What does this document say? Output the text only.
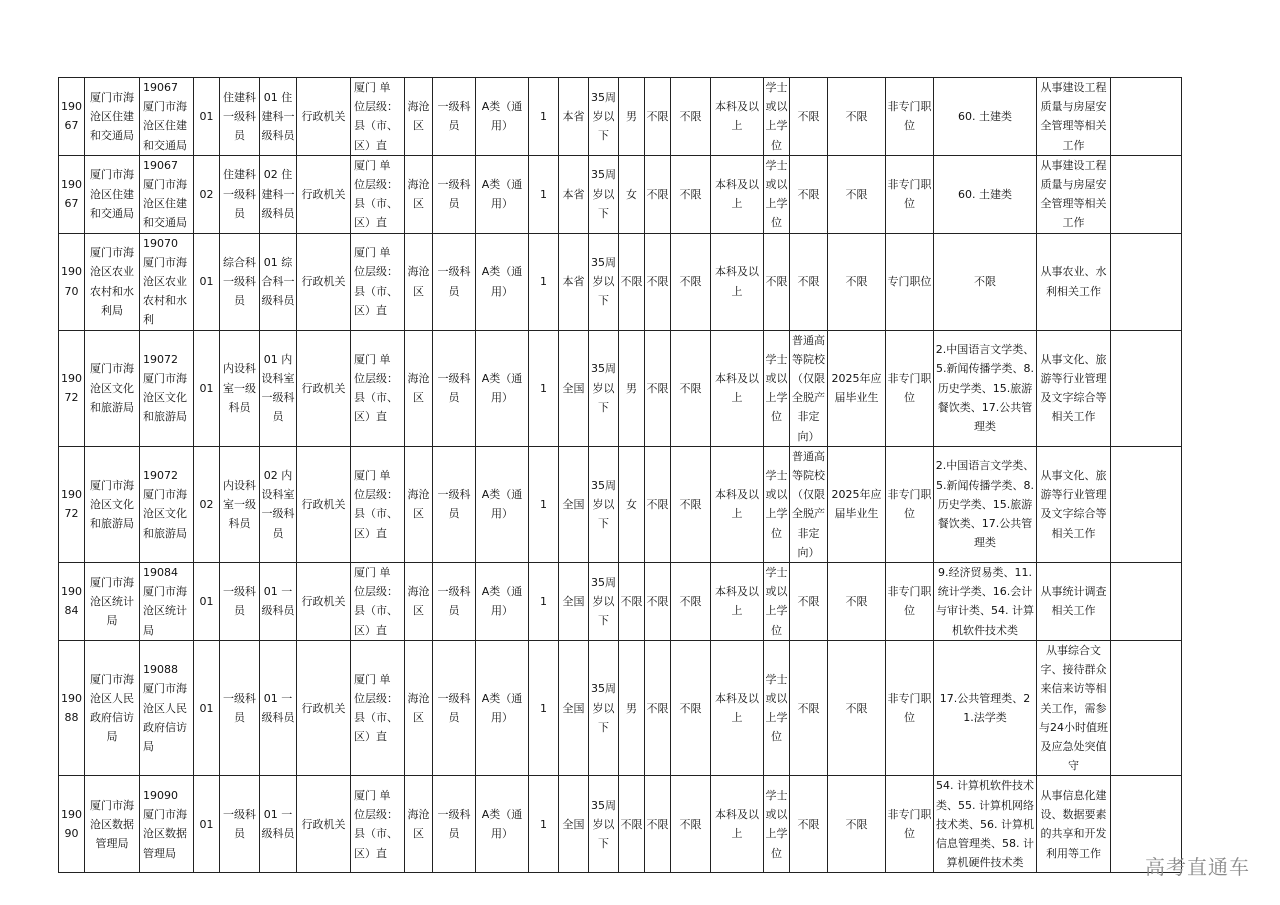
19067	厦门市海沧区住建和交通局	19067 厦门市海沧区住建和交通局	01	住建科一级科员	01 住建科一级科员	行政机关	厦门 单位层级：县（市、区）直	海沧区	一级科员	A类（通用）	1	本省	35周岁以下	男	不限	不限	本科及以上	学士或以上学位	不限	不限	非专门职位	60. 土建类	从事建设工程质量与房屋安全管理等相关工作	
19067	厦门市海沧区住建和交通局	19067 厦门市海沧区住建和交通局	02	住建科一级科员	02 住建科一级科员	行政机关	厦门 单位层级：县（市、区）直	海沧区	一级科员	A类（通用）	1	本省	35周岁以下	女	不限	不限	本科及以上	学士或以上学位	不限	不限	非专门职位	60. 土建类	从事建设工程质量与房屋安全管理等相关工作	
19070	厦门市海沧区农业农村和水利局	19070 厦门市海沧区农业农村和水利	01	综合科一级科员	01 综合科一级科员	行政机关	厦门 单位层级：县（市、区）直	海沧区	一级科员	A类（通用）	1	本省	35周岁以下	不限	不限	不限	本科及以上	不限	不限	不限	专门职位	不限	从事农业、水利相关工作	
19072	厦门市海沧区文化和旅游局	19072 厦门市海沧区文化和旅游局	01	内设科室一级科员	01 内设科室一级科员	行政机关	厦门 单位层级：县（市、区）直	海沧区	一级科员	A类（通用）	1	全国	35周岁以下	男	不限	不限	本科及以上	学士或以上学位	普通高等院校（仅限全脱产非定向）	2025年应届毕业生	非专门职位	2.中国语言文学类、5.新闻传播学类、8.历史学类、15.旅游餐饮类、17.公共管理类	从事文化、旅游等行业管理及文字综合等相关工作	
19072	厦门市海沧区文化和旅游局	19072 厦门市海沧区文化和旅游局	02	内设科室一级科员	02 内设科室一级科员	行政机关	厦门 单位层级：县（市、区）直	海沧区	一级科员	A类（通用）	1	全国	35周岁以下	女	不限	不限	本科及以上	学士或以上学位	普通高等院校（仅限全脱产非定向）	2025年应届毕业生	非专门职位	2.中国语言文学类、5.新闻传播学类、8.历史学类、15.旅游餐饮类、17.公共管理类	从事文化、旅游等行业管理及文字综合等相关工作	
19084	厦门市海沧区统计局	19084 厦门市海沧区统计局	01	一级科员	01 一级科员	行政机关	厦门 单位层级：县（市、区）直	海沧区	一级科员	A类（通用）	1	全国	35周岁以下	不限	不限	不限	本科及以上	学士或以上学位	不限	不限	非专门职位	9.经济贸易类、11.统计学类、16.会计与审计类、54. 计算机软件技术类	从事统计调查相关工作	
19088	厦门市海沧区人民政府信访局	19088 厦门市海沧区人民政府信访局	01	一级科员	01 一级科员	行政机关	厦门 单位层级：县（市、区）直	海沧区	一级科员	A类（通用）	1	全国	35周岁以下	男	不限	不限	本科及以上	学士或以上学位	不限	不限	非专门职位	17.公共管理类、21.法学类	从事综合文字、接待群众来信来访等相关工作，需参与24小时值班及应急处突值守	
19090	厦门市海沧区数据管理局	19090 厦门市海沧区数据管理局	01	一级科员	01 一级科员	行政机关	厦门 单位层级：县（市、区）直	海沧区	一级科员	A类（通用）	1	全国	35周岁以下	不限	不限	不限	本科及以上	学士或以上学位	不限	不限	非专门职位	54. 计算机软件技术类、55. 计算机网络技术类、56. 计算机信息管理类、58. 计算机硬件技术类	从事信息化建设、数据要素的共享和开发利用等工作	
高考直通车
